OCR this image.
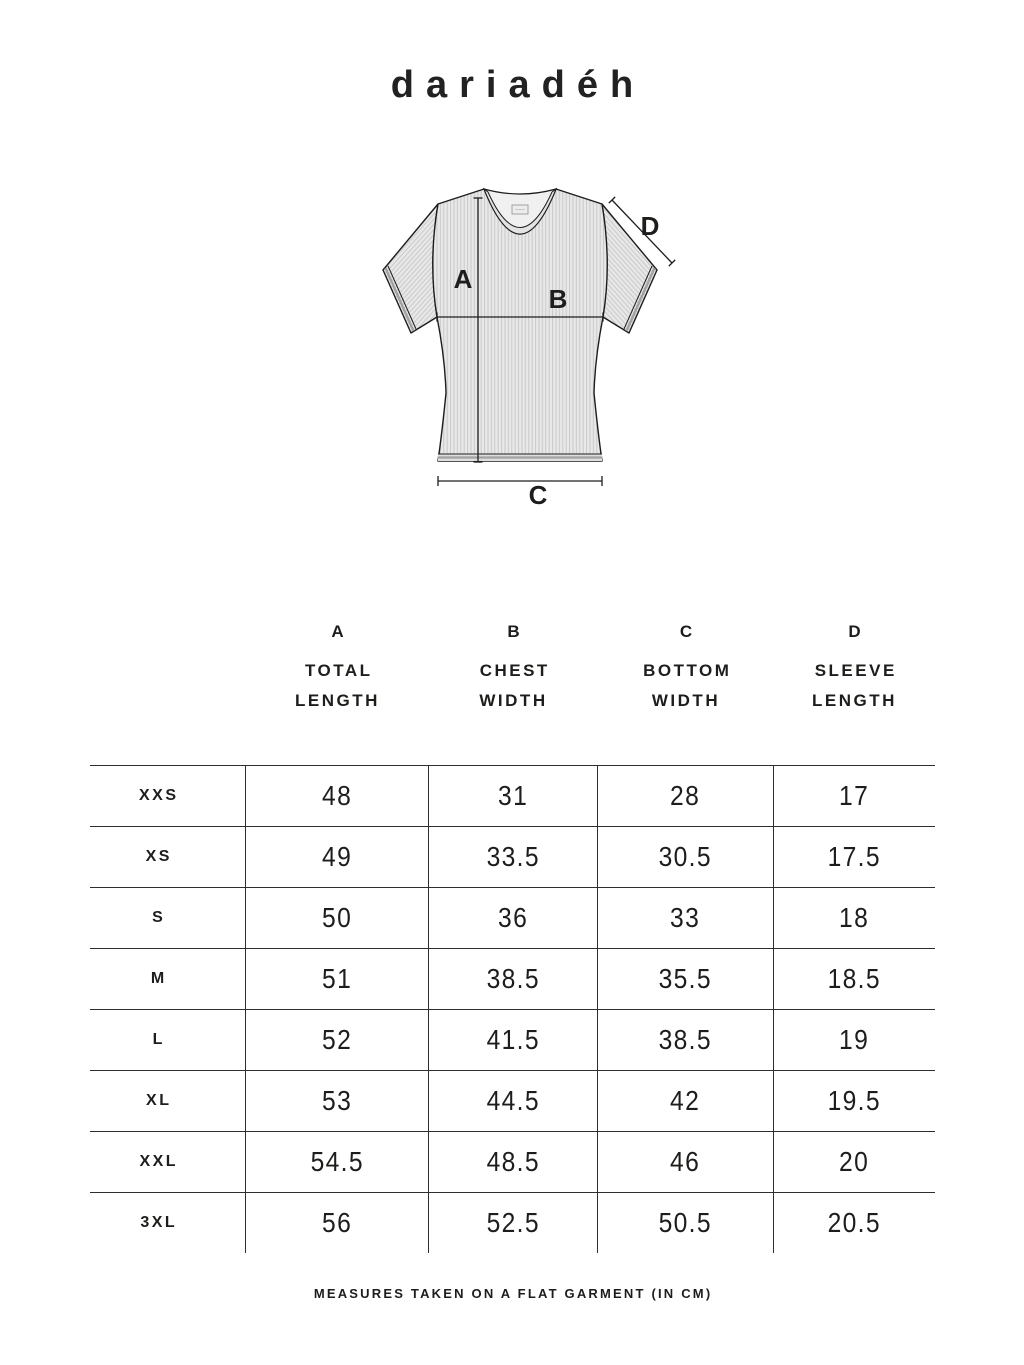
dariadéh
A
B
C
D
A
TOTAL LENGTH
B
CHEST WIDTH
C
BOTTOM WIDTH
D
SLEEVE LENGTH
XXS	48	31	28	17
XS	49	33.5	30.5	17.5
S	50	36	33	18
M	51	38.5	35.5	18.5
L	52	41.5	38.5	19
XL	53	44.5	42	19.5
XXL	54.5	48.5	46	20
3XL	56	52.5	50.5	20.5
MEASURES TAKEN ON A FLAT GARMENT (IN CM)
